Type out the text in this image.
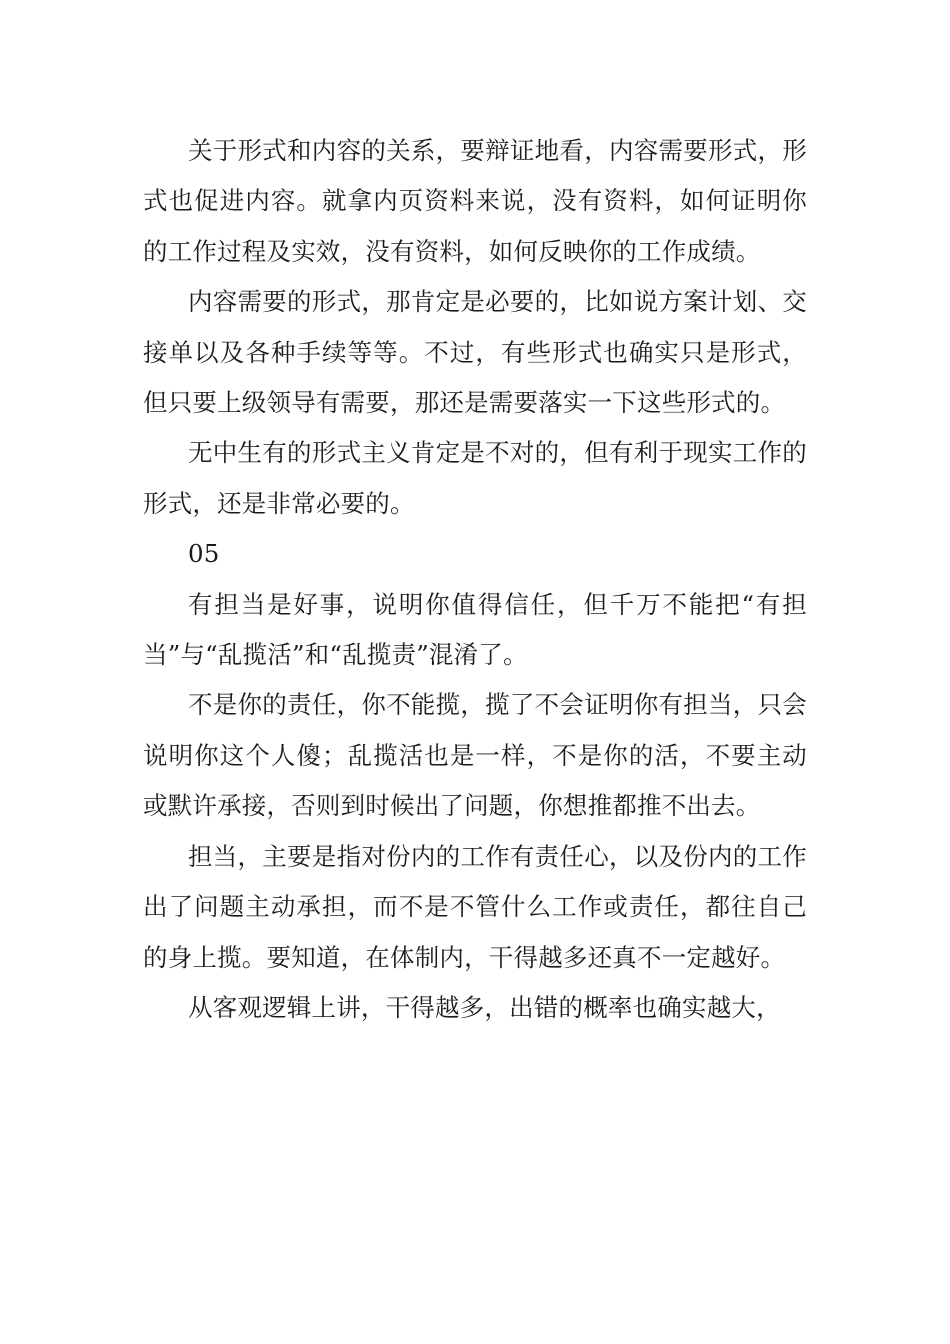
关于形式和内容的关系，要辩证地看，内容需要形式，形式也促进内容。就拿内页资料来说，没有资料，如何证明你的工作过程及实效，没有资料，如何反映你的工作成绩。

内容需要的形式，那肯定是必要的，比如说方案计划、交接单以及各种手续等等。不过，有些形式也确实只是形式，但只要上级领导有需要，那还是需要落实一下这些形式的。

无中生有的形式主义肯定是不对的，但有利于现实工作的形式，还是非常必要的。

05

有担当是好事，说明你值得信任，但千万不能把“有担当”与“乱揽活”和“乱揽责”混淆了。

不是你的责任，你不能揽，揽了不会证明你有担当，只会说明你这个人傻；乱揽活也是一样，不是你的活，不要主动或默许承接，否则到时候出了问题，你想推都推不出去。

担当，主要是指对份内的工作有责任心，以及份内的工作出了问题主动承担，而不是不管什么工作或责任，都往自己的身上揽。要知道，在体制内，干得越多还真不一定越好。

从客观逻辑上讲，干得越多，出错的概率也确实越大，
